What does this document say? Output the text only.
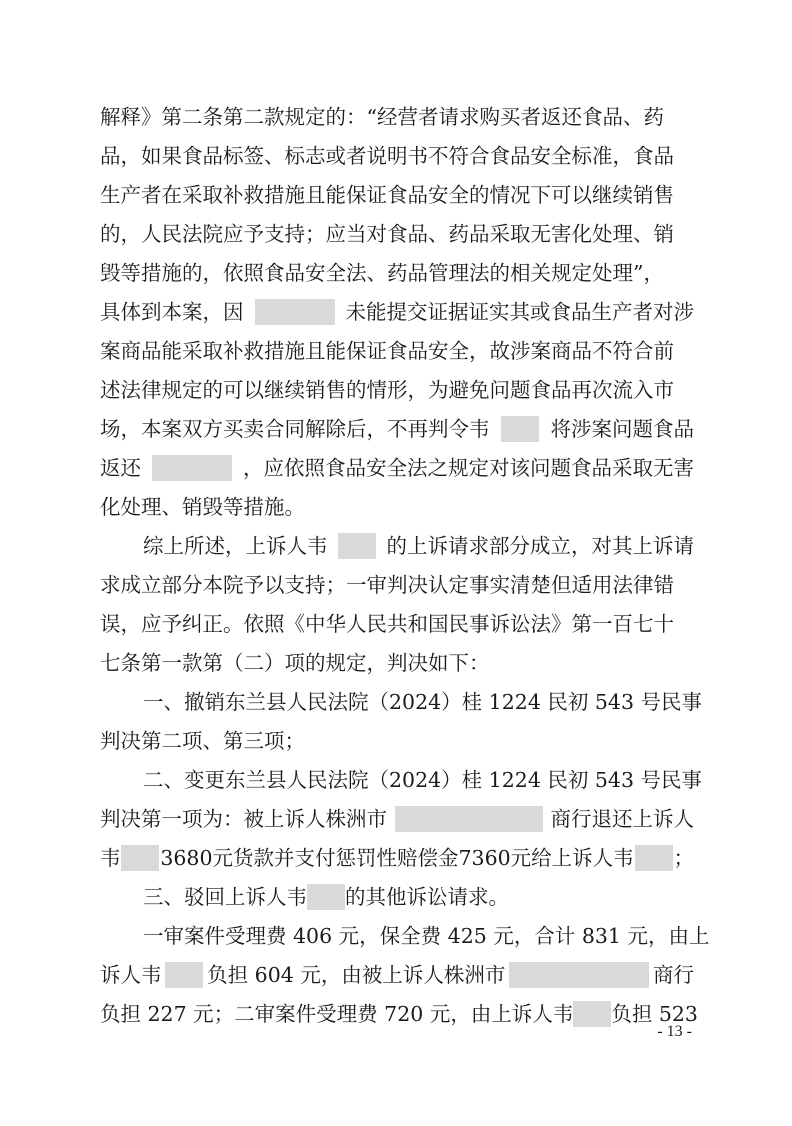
解释》第二条第二款规定的：“经营者请求购买者返还食品、药
品，如果食品标签、标志或者说明书不符合食品安全标准，食品
生产者在采取补救措施且能保证食品安全的情况下可以继续销售
的，人民法院应予支持；应当对食品、药品采取无害化处理、销
毁等措施的，依照食品安全法、药品管理法的相关规定处理”，
具体到本案，因	未能提交证据证实其或食品生产者对涉
案商品能采取补救措施且能保证食品安全，故涉案商品不符合前
述法律规定的可以继续销售的情形，为避免问题食品再次流入市
场，本案双方买卖合同解除后，不再判令韦	将涉案问题食品
返还	，应依照食品安全法之规定对该问题食品采取无害
化处理、销毁等措施。
综上所述，上诉人韦	的上诉请求部分成立，对其上诉请
求成立部分本院予以支持；一审判决认定事实清楚但适用法律错
误，应予纠正。依照《中华人民共和国民事诉讼法》第一百七十
七条第一款第（二）项的规定，判决如下：
一、撤销东兰县人民法院（2024）桂 1224 民初 543 号民事
判决第二项、第三项；
二、变更东兰县人民法院（2024）桂 1224 民初 543 号民事
判决第一项为：被上诉人株洲市	商行退还上诉人
韦 3680元货款并支付惩罚性赔偿金7360元给上诉人韦 ；
三、驳回上诉人韦 的其他诉讼请求。
一审案件受理费 406 元，保全费 425 元，合计 831 元，由上
诉人韦 负担 604 元，由被上诉人株洲市	商行
负担 227 元；二审案件受理费 720 元，由上诉人韦 负担 523
- 13 -
